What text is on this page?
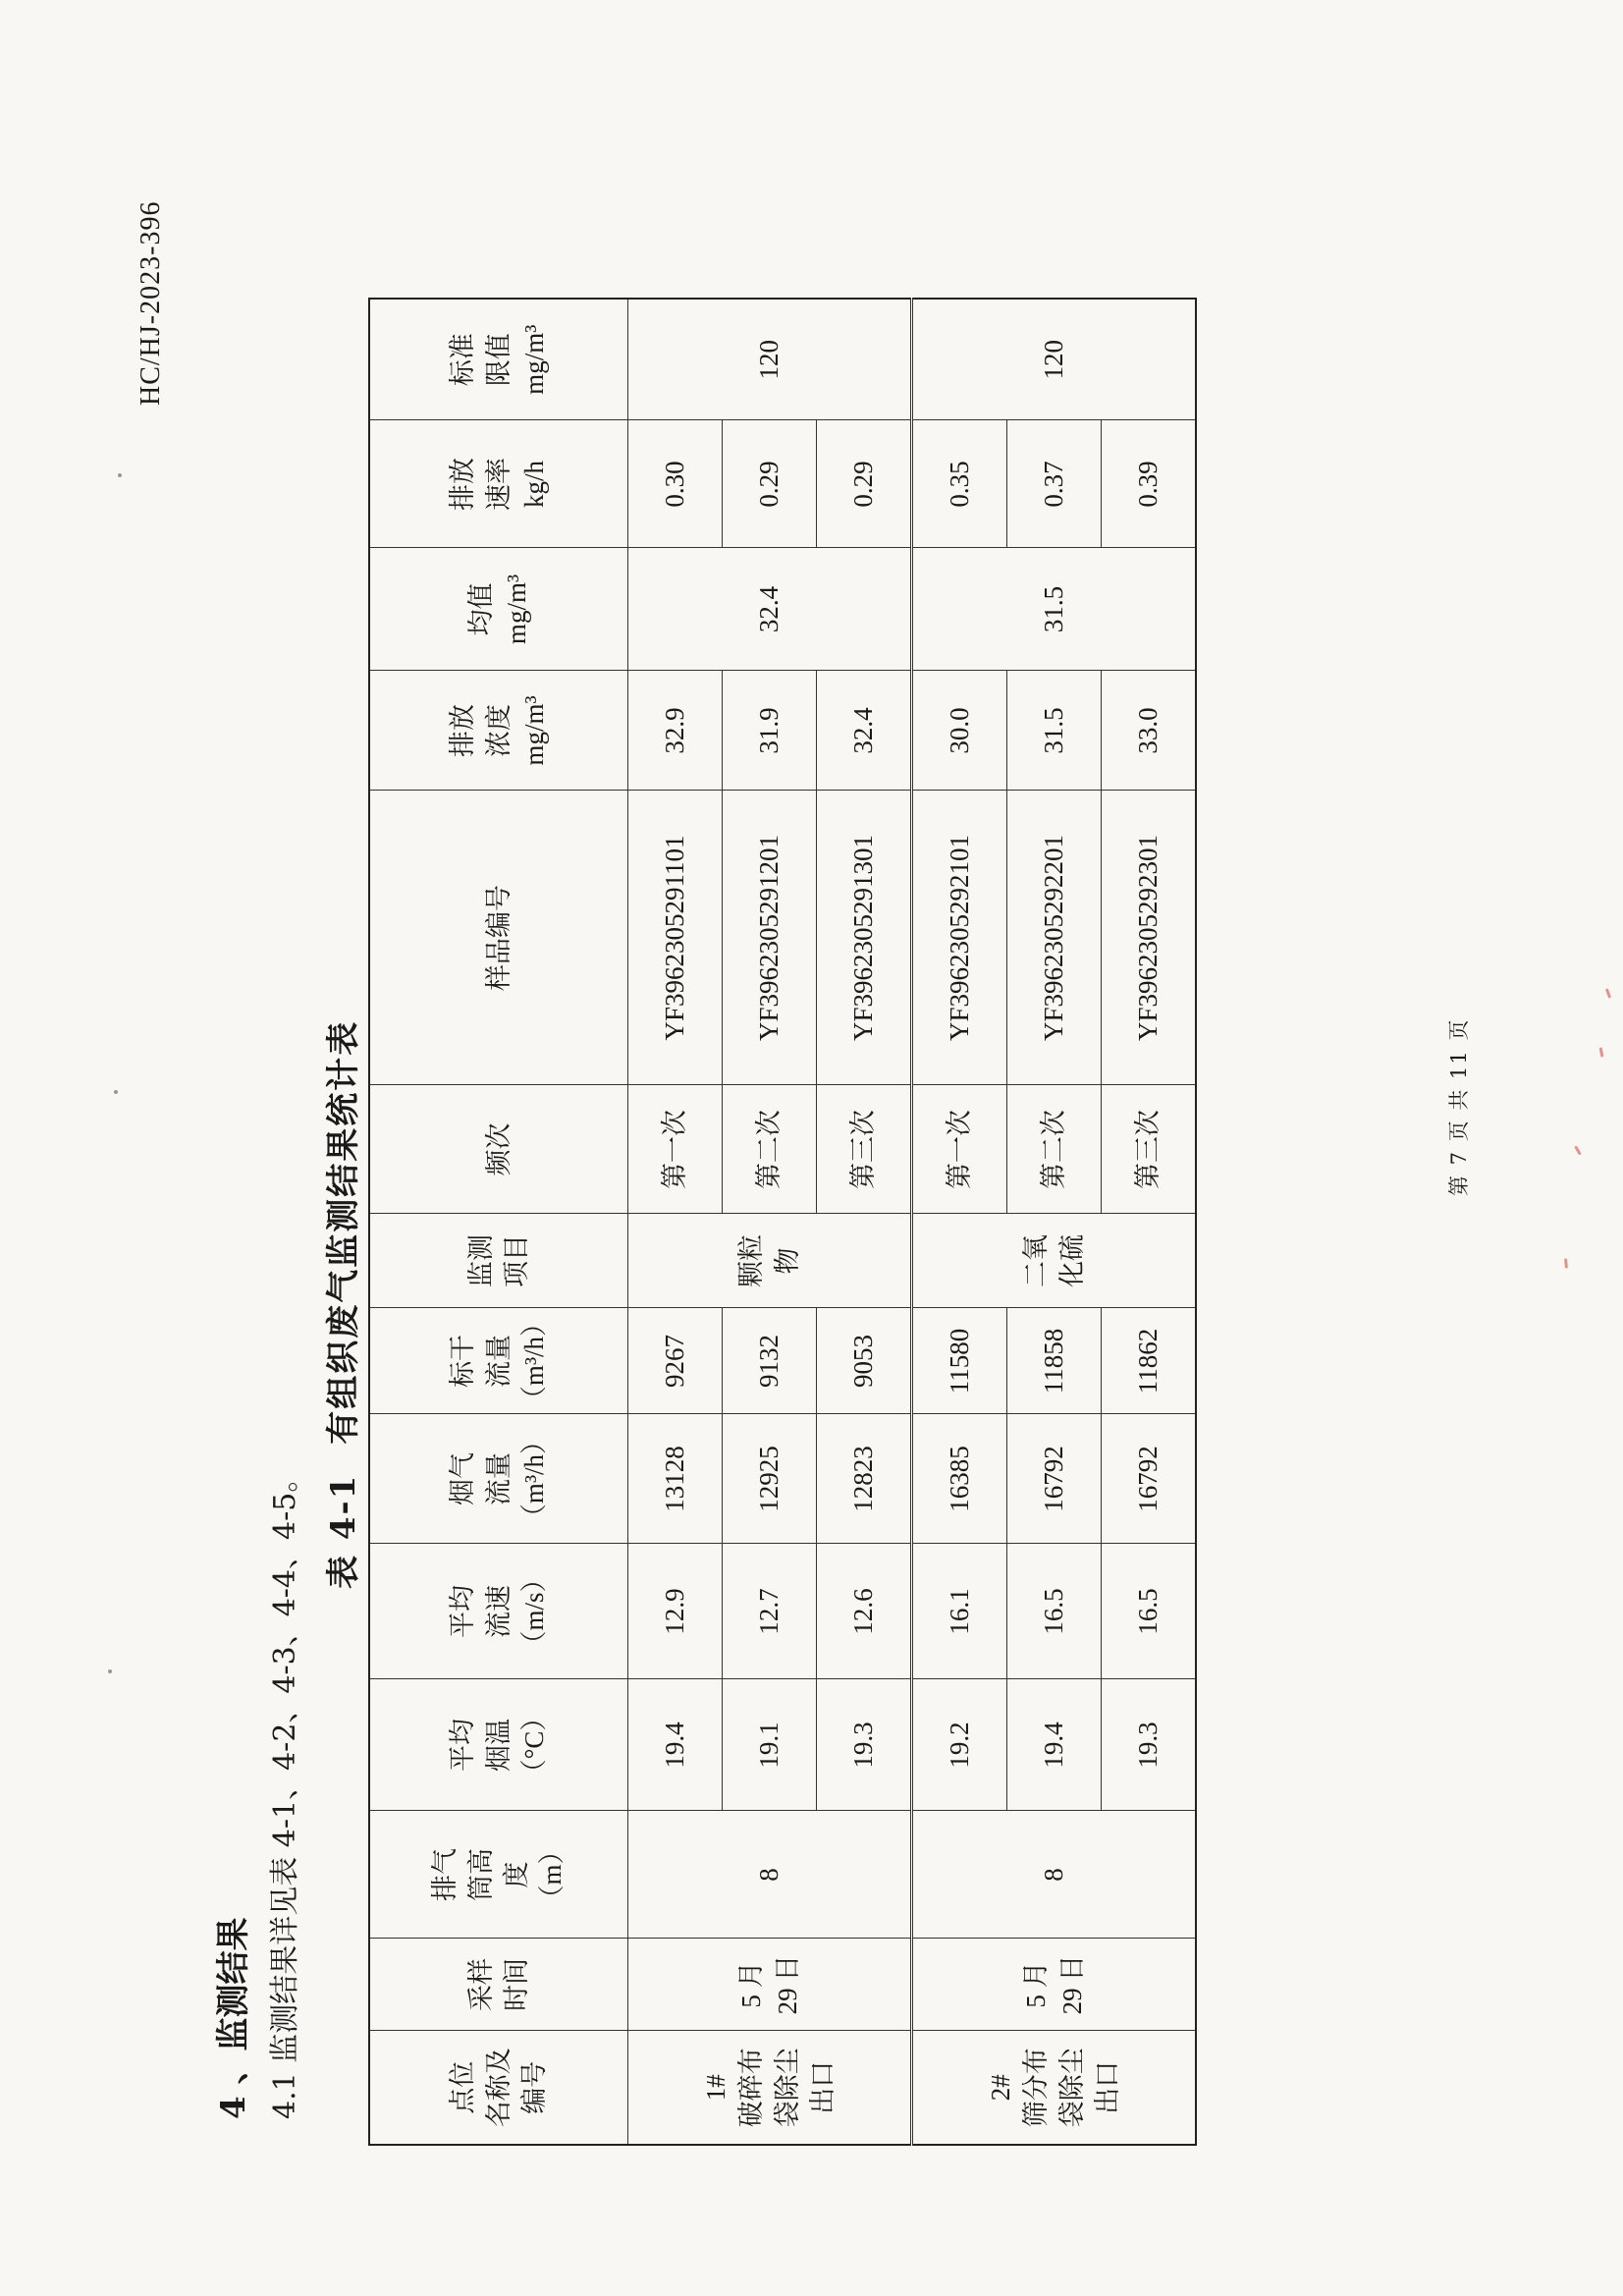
HC/HJ-2023-396
4 、监测结果 4.1 监测结果详见表 4-1、4-2、4-3、4-4、4-5。 表 4-1有组织废气监测结果统计表
点位 名称及 编号	采样 时间	排气 筒高 度 （m）	平均 烟温 （°C）	平均 流速 （m/s）	烟气 流量 （m³/h）	标干 流量 （m³/h）	监测 项目	频次	样品编号	排放 浓度 mg/m³	均值 mg/m³	排放 速率 kg/h	标准 限值 mg/m³

1# 破碎布 袋除尘 出口	5 月 29 日	8	19.4	12.9	13128	9267	颗粒 物	第一次	YF3962305291101	32.9	32.4	0.30	120
			19.1	12.7	12925	9132		第二次	YF3962305291201	31.9		0.29	
			19.3	12.6	12823	9053		第三次	YF3962305291301	32.4		0.29	

2# 筛分布 袋除尘 出口	5 月 29 日	8	19.2	16.1	16385	11580	二氧 化硫	第一次	YF3962305292101	30.0	31.5	0.35	120
			19.4	16.5	16792	11858		第二次	YF3962305292201	31.5		0.37	
			19.3	16.5	16792	11862		第三次	YF3962305292301	33.0		0.39	
第 7 页 共 11 页
